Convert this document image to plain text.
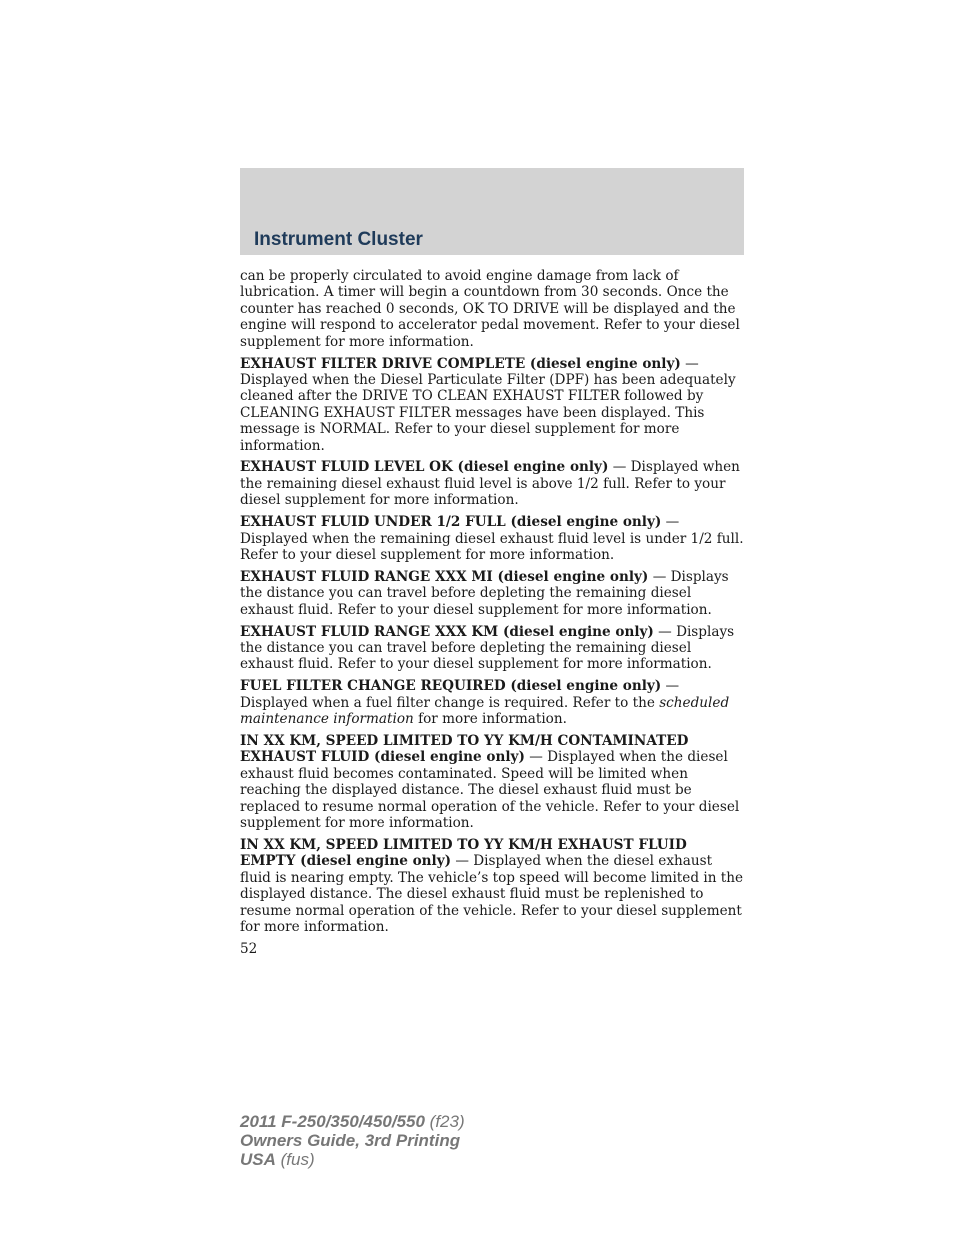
Instrument Cluster

can be properly circulated to avoid engine damage from lack of lubrication. A timer will begin a countdown from 30 seconds. Once the counter has reached 0 seconds, OK TO DRIVE will be displayed and the engine will respond to accelerator pedal movement. Refer to your diesel supplement for more information.

EXHAUST FILTER DRIVE COMPLETE (diesel engine only) — Displayed when the Diesel Particulate Filter (DPF) has been adequately cleaned after the DRIVE TO CLEAN EXHAUST FILTER followed by CLEANING EXHAUST FILTER messages have been displayed. This message is NORMAL. Refer to your diesel supplement for more information.

EXHAUST FLUID LEVEL OK (diesel engine only) — Displayed when the remaining diesel exhaust fluid level is above 1/2 full. Refer to your diesel supplement for more information.

EXHAUST FLUID UNDER 1/2 FULL (diesel engine only) — Displayed when the remaining diesel exhaust fluid level is under 1/2 full. Refer to your diesel supplement for more information.

EXHAUST FLUID RANGE XXX MI (diesel engine only) — Displays the distance you can travel before depleting the remaining diesel exhaust fluid. Refer to your diesel supplement for more information.

EXHAUST FLUID RANGE XXX KM (diesel engine only) — Displays the distance you can travel before depleting the remaining diesel exhaust fluid. Refer to your diesel supplement for more information.

FUEL FILTER CHANGE REQUIRED (diesel engine only) — Displayed when a fuel filter change is required. Refer to the scheduled maintenance information for more information.

IN XX KM, SPEED LIMITED TO YY KM/H CONTAMINATED EXHAUST FLUID (diesel engine only) — Displayed when the diesel exhaust fluid becomes contaminated. Speed will be limited when reaching the displayed distance. The diesel exhaust fluid must be replaced to resume normal operation of the vehicle. Refer to your diesel supplement for more information.

IN XX KM, SPEED LIMITED TO YY KM/H EXHAUST FLUID EMPTY (diesel engine only) — Displayed when the diesel exhaust fluid is nearing empty. The vehicle’s top speed will become limited in the displayed distance. The diesel exhaust fluid must be replenished to resume normal operation of the vehicle. Refer to your diesel supplement for more information.

52
2011 F-250/350/450/550 (f23)
Owners Guide, 3rd Printing
USA (fus)
